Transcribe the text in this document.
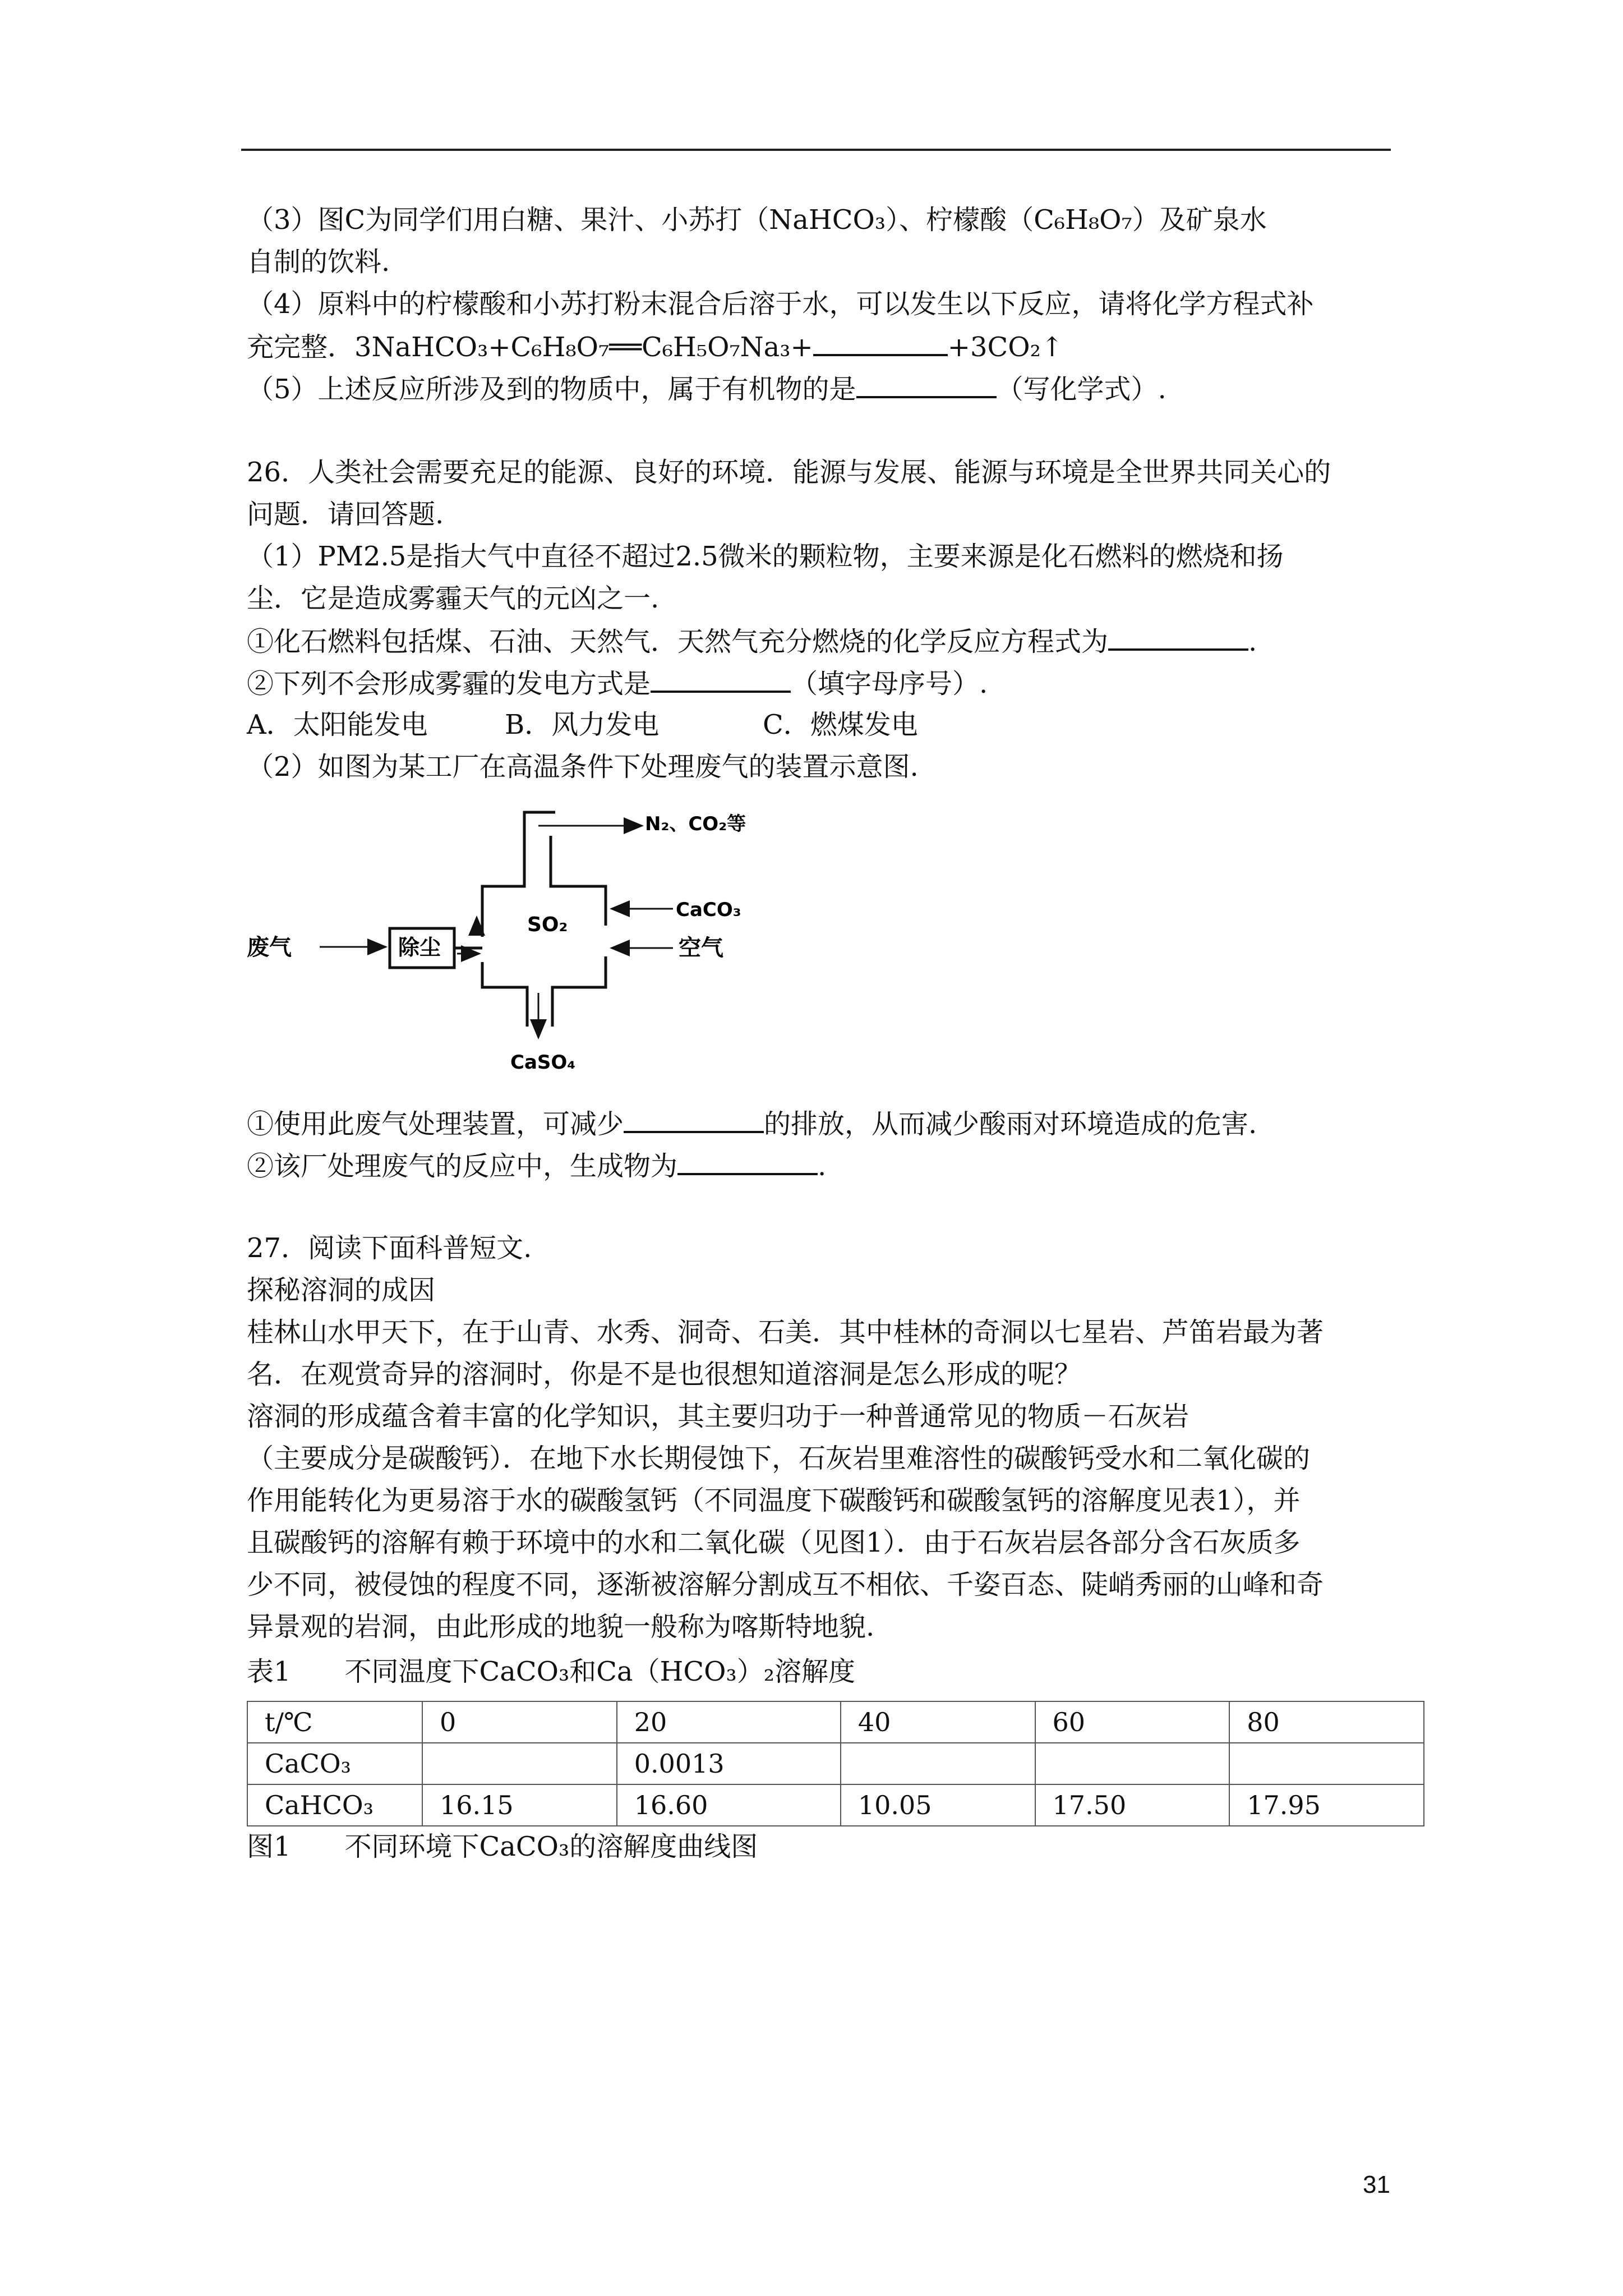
（3）图C为同学们用白糖、果汁、小苏打（NaHCO₃）、柠檬酸（C₆H₈O₇）及矿泉水
自制的饮料.
（4）原料中的柠檬酸和小苏打粉末混合后溶于水，可以发生以下反应，请将化学方程式补
充完整．3NaHCO₃+C₆H₈O₇══C₆H₅O₇Na₃+	+3CO₂↑
（5）上述反应所涉及到的物质中，属于有机物的是	（写化学式）.
26．人类社会需要充足的能源、良好的环境．能源与发展、能源与环境是全世界共同关心的
问题．请回答题.
（1）PM2.5是指大气中直径不超过2.5微米的颗粒物，主要来源是化石燃料的燃烧和扬
尘．它是造成雾霾天气的元凶之一.
①化石燃料包括煤、石油、天然气．天然气充分燃烧的化学反应方程式为	.
②下列不会形成雾霾的发电方式是	（填字母序号）.
A．太阳能发电	B．风力发电	C．燃煤发电
（2）如图为某工厂在高温条件下处理废气的装置示意图.
废气	除尘
SO₂
N₂、CO₂等
CaCO₃
空气
CaSO₄
①使用此废气处理装置，可减少	的排放，从而减少酸雨对环境造成的危害.
②该厂处理废气的反应中，生成物为	.
27．阅读下面科普短文.
探秘溶洞的成因
桂林山水甲天下，在于山青、水秀、洞奇、石美．其中桂林的奇洞以七星岩、芦笛岩最为著
名．在观赏奇异的溶洞时，你是不是也很想知道溶洞是怎么形成的呢？
溶洞的形成蕴含着丰富的化学知识，其主要归功于一种普通常见的物质－石灰岩
（主要成分是碳酸钙）．在地下水长期侵蚀下，石灰岩里难溶性的碳酸钙受水和二氧化碳的
作用能转化为更易溶于水的碳酸氢钙（不同温度下碳酸钙和碳酸氢钙的溶解度见表1），并
且碳酸钙的溶解有赖于环境中的水和二氧化碳（见图1）．由于石灰岩层各部分含石灰质多
少不同，被侵蚀的程度不同，逐渐被溶解分割成互不相依、千姿百态、陡峭秀丽的山峰和奇
异景观的岩洞，由此形成的地貌一般称为喀斯特地貌.
表1　　不同温度下CaCO₃和Ca（HCO₃）₂溶解度
t/℃	0	20	40	60	80
CaCO₃		0.0013			
CaHCO₃	16.15	16.60	10.05	17.50	17.95
图1　　不同环境下CaCO₃的溶解度曲线图
31
